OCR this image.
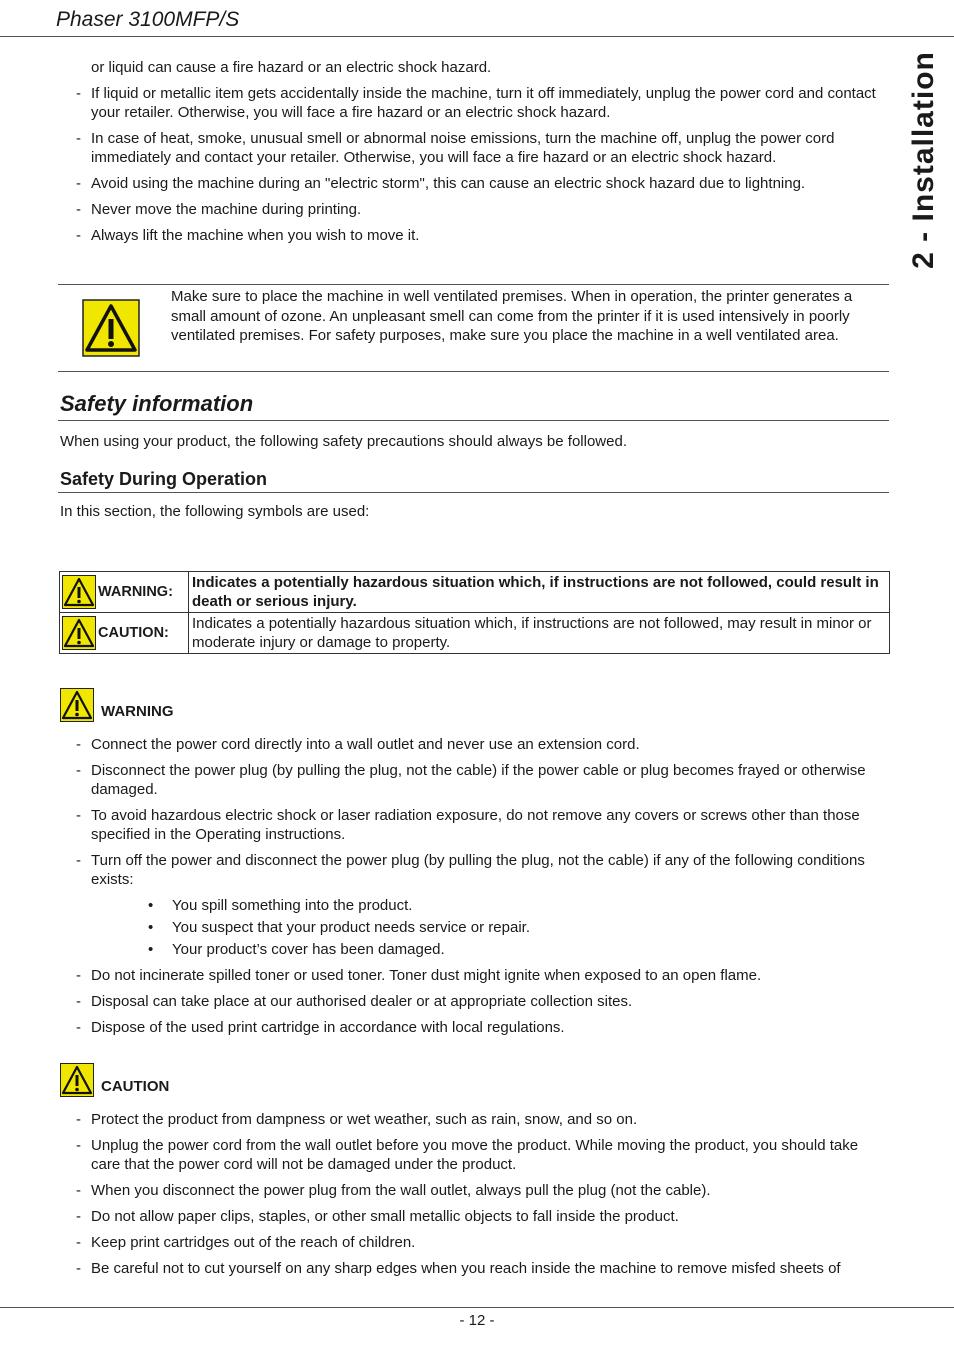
Phaser 3100MFP/S
2 - Installation
or liquid can cause a fire hazard or an electric shock hazard.
- If liquid or metallic item gets accidentally inside the machine, turn it off immediately, unplug the power cord and contact your retailer. Otherwise, you will face a fire hazard or an electric shock hazard.
- In case of heat, smoke, unusual smell or abnormal noise emissions, turn the machine off, unplug the power cord immediately and contact your retailer. Otherwise, you will face a fire hazard or an electric shock hazard.
- Avoid using the machine during an "electric storm", this can cause an electric shock hazard due to lightning.
- Never move the machine during printing.
- Always lift the machine when you wish to move it.
Make sure to place the machine in well ventilated premises. When in operation, the printer generates a small amount of ozone. An unpleasant smell can come from the printer if it is used intensively in poorly ventilated premises. For safety purposes, make sure you place the machine in a well ventilated area.
Safety information
When using your product, the following safety precautions should always be followed.
Safety During Operation
In this section, the following symbols are used:
WARNING:	Indicates a potentially hazardous situation which, if instructions are not followed, could result in death or serious injury.

CAUTION:	Indicates a potentially hazardous situation which, if instructions are not followed, may result in minor or moderate injury or damage to property.
WARNING
- Connect the power cord directly into a wall outlet and never use an extension cord.
- Disconnect the power plug (by pulling the plug, not the cable) if the power cable or plug becomes frayed or otherwise damaged.
- To avoid hazardous electric shock or laser radiation exposure, do not remove any covers or screws other than those specified in the Operating instructions.
- Turn off the power and disconnect the power plug (by pulling the plug, not the cable) if any of the following conditions exists:
• You spill something into the product.
• You suspect that your product needs service or repair.
• Your product’s cover has been damaged.
- Do not incinerate spilled toner or used toner. Toner dust might ignite when exposed to an open flame.
- Disposal can take place at our authorised dealer or at appropriate collection sites.
- Dispose of the used print cartridge in accordance with local regulations.
CAUTION
- Protect the product from dampness or wet weather, such as rain, snow, and so on.
- Unplug the power cord from the wall outlet before you move the product. While moving the product, you should take care that the power cord will not be damaged under the product.
- When you disconnect the power plug from the wall outlet, always pull the plug (not the cable).
- Do not allow paper clips, staples, or other small metallic objects to fall inside the product.
- Keep print cartridges out of the reach of children.
- Be careful not to cut yourself on any sharp edges when you reach inside the machine to remove misfed sheets of
- 12 -
